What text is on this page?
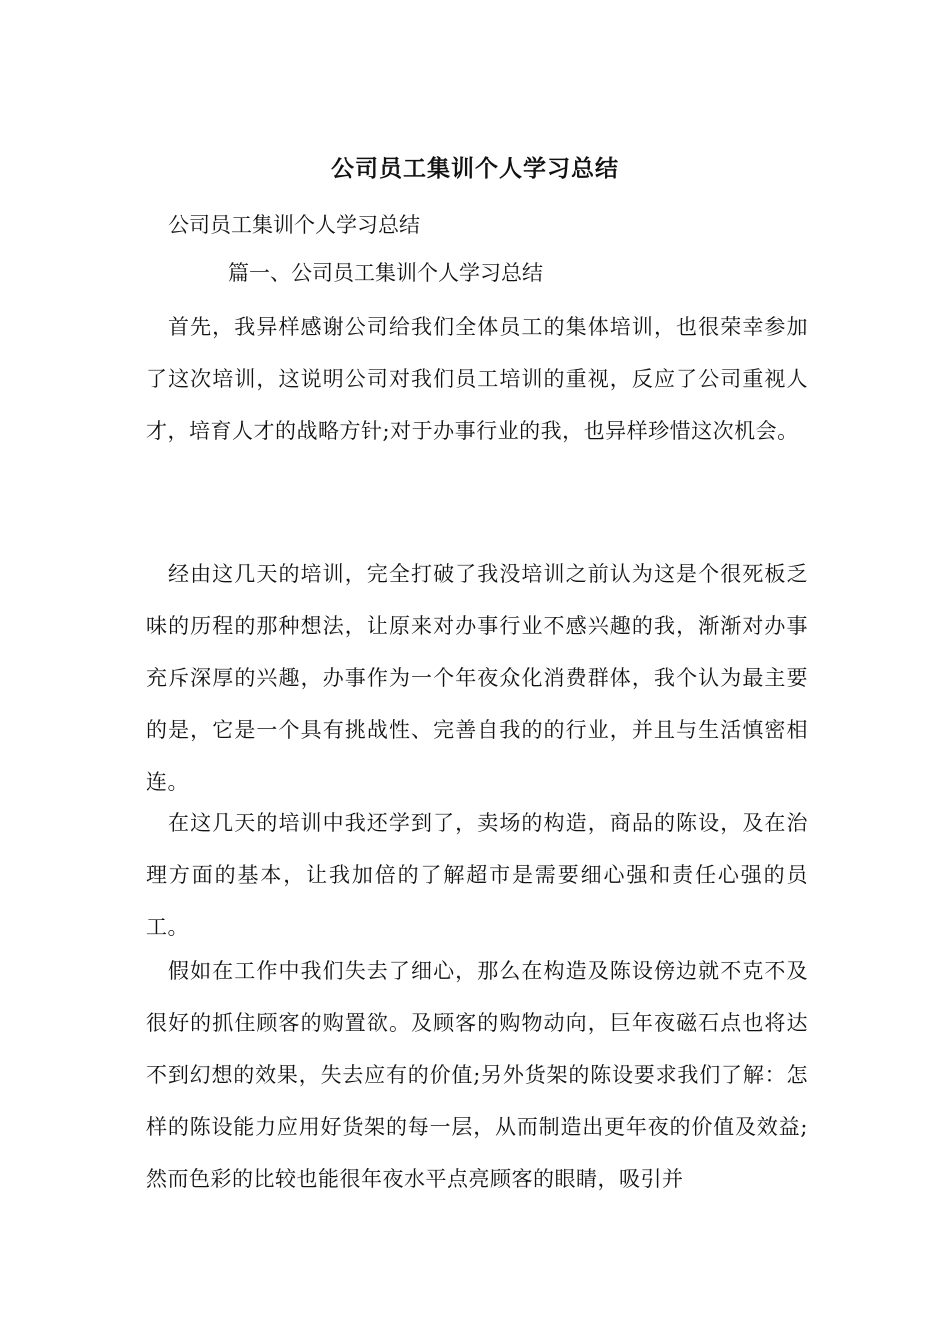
公司员工集训个人学习总结
公司员工集训个人学习总结
篇一、公司员工集训个人学习总结

首先，我异样感谢公司给我们全体员工的集体培训，也很荣幸参加了这次培训，这说明公司对我们员工培训的重视，反应了公司重视人才，培育人才的战略方针;对于办事行业的我，也异样珍惜这次机会。

经由这几天的培训，完全打破了我没培训之前认为这是个很死板乏味的历程的那种想法，让原来对办事行业不感兴趣的我，渐渐对办事充斥深厚的兴趣，办事作为一个年夜众化消费群体，我个认为最主要的是，它是一个具有挑战性、完善自我的的行业，并且与生活慎密相连。

在这几天的培训中我还学到了，卖场的构造，商品的陈设，及在治理方面的基本，让我加倍的了解超市是需要细心强和责任心强的员工。

假如在工作中我们失去了细心，那么在构造及陈设傍边就不克不及很好的抓住顾客的购置欲。及顾客的购物动向，巨年夜磁石点也将达不到幻想的效果，失去应有的价值;另外货架的陈设要求我们了解：怎样的陈设能力应用好货架的每一层，从而制造出更年夜的价值及效益;然而色彩的比较也能很年夜水平点亮顾客的眼睛，吸引并
